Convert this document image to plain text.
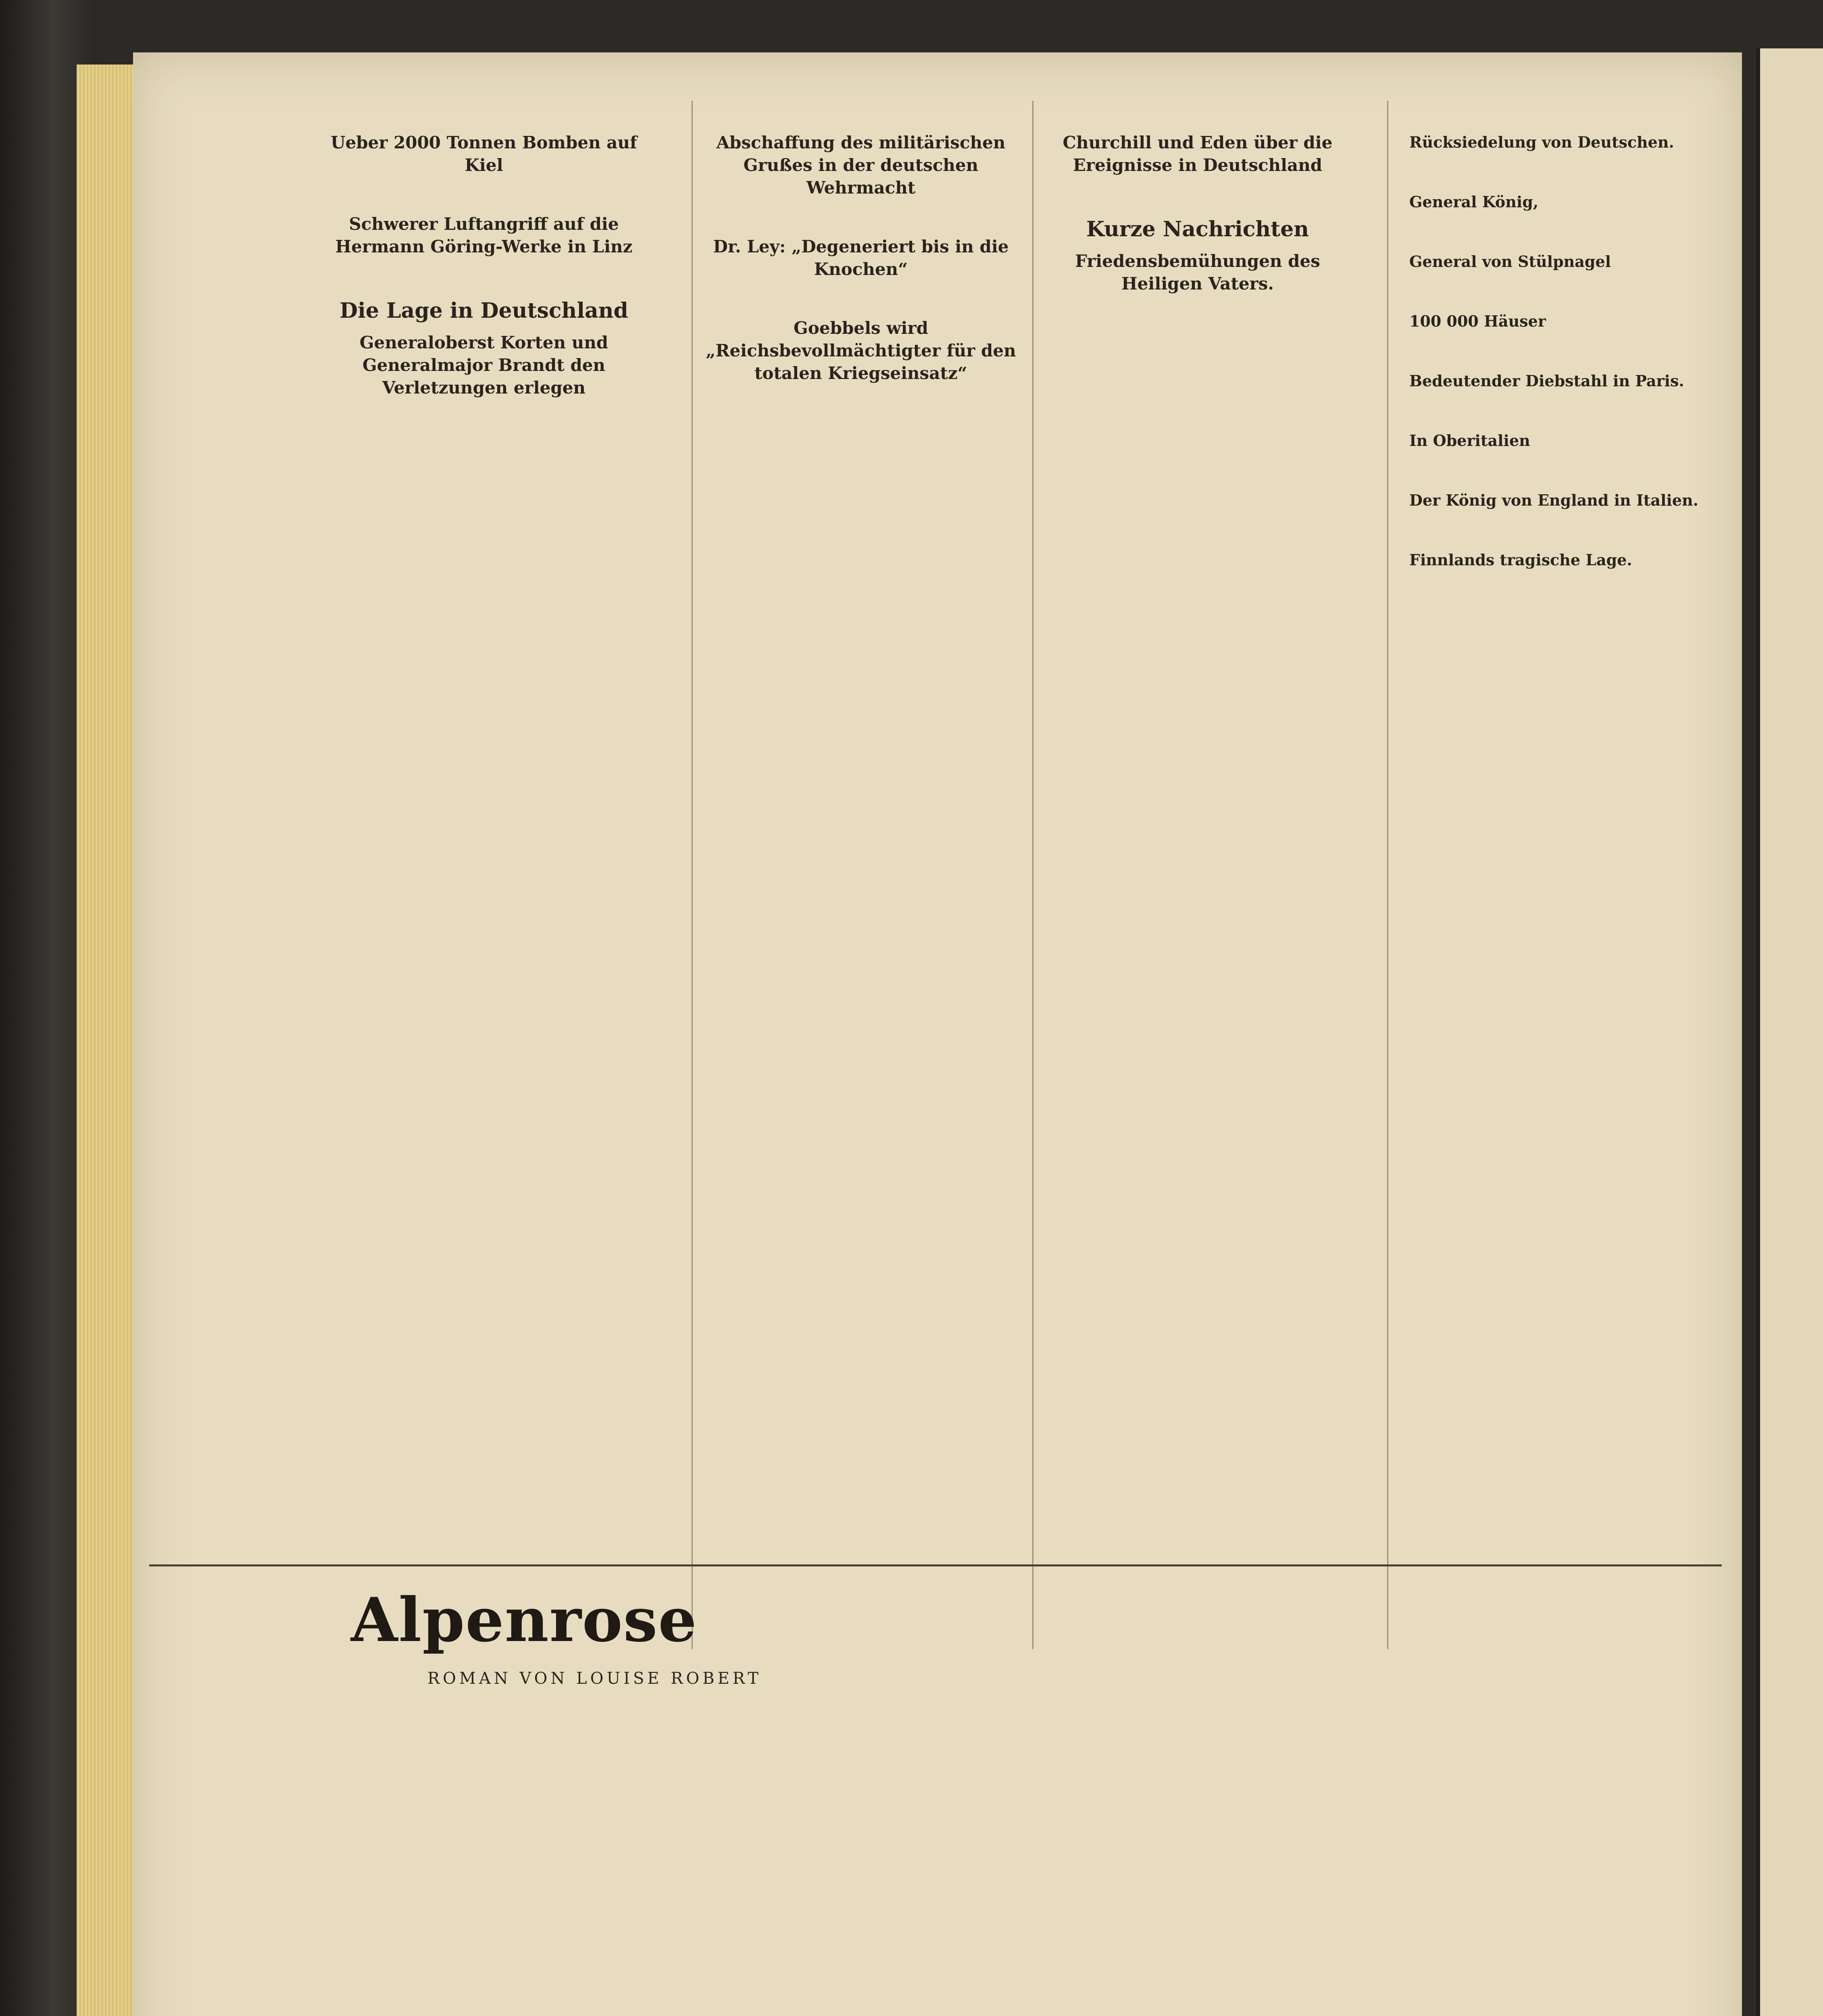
Ueber 2000 Tonnen Bomben auf Kiel

Schwerer Luftangriff auf die Hermann Göring-Werke in Linz

Die Lage in Deutschland
Generaloberst Korten und Generalmajor Brandt den Verletzungen erlegen

Abschaffung des militärischen Grußes in der deutschen Wehrmacht

Dr. Ley: „Degeneriert bis in die Knochen“

Goebbels wird „Reichsbevollmächtigter für den totalen Kriegseinsatz“

Churchill und Eden über die Ereignisse in Deutschland

Kurze Nachrichten
Friedensbemühungen des Heiligen Vaters.

Rücksiedelung von Deutschen.

General König,

General von Stülpnagel

100 000 Häuser

Bedeutender Diebstahl in Paris.

In Oberitalien

Der König von England in Italien.

Finnlands tragische Lage.

Alpenrose
ROMAN VON LOUISE ROBERT
